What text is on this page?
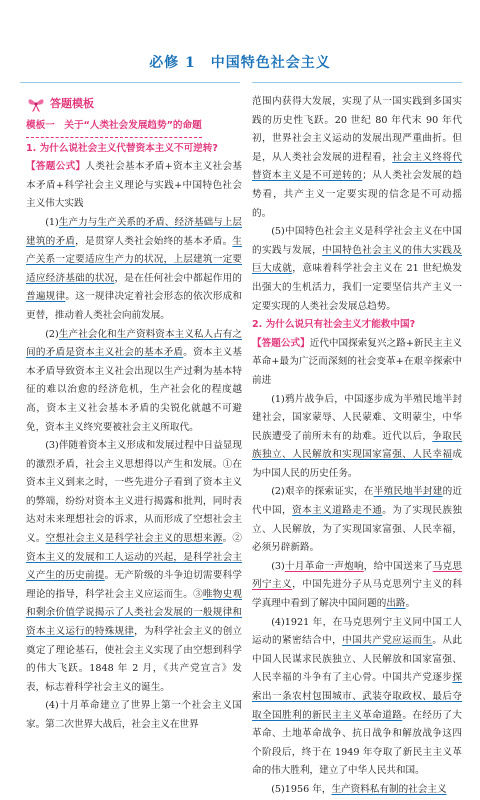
必修 1　中国特色社会主义
答题模板
模板一　关于“人类社会发展趋势”的命题
1. 为什么说社会主义代替资本主义不可逆转?

【答题公式】人类社会基本矛盾+资本主义社会基本矛盾+科学社会主义理论与实践+中国特色社会主义伟大实践

(1)生产力与生产关系的矛盾、经济基础与上层建筑的矛盾，是贯穿人类社会始终的基本矛盾。生产关系一定要适应生产力的状况，上层建筑一定要适应经济基础的状况，是在任何社会中都起作用的普遍规律。这一规律决定着社会形态的依次形成和更替，推动着人类社会向前发展。

(2)生产社会化和生产资料资本主义私人占有之间的矛盾是资本主义社会的基本矛盾。资本主义基本矛盾导致资本主义社会出现以生产过剩为基本特征的难以治愈的经济危机，生产社会化的程度越高，资本主义社会基本矛盾的尖锐化就越不可避免，资本主义终究要被社会主义所取代。

(3)伴随着资本主义形成和发展过程中日益显现的激烈矛盾，社会主义思想得以产生和发展。①在资本主义到来之时，一些先进分子看到了资本主义的弊端，纷纷对资本主义进行揭露和批判，同时表达对未来理想社会的诉求，从而形成了空想社会主义。空想社会主义是科学社会主义的思想来源。②资本主义的发展和工人运动的兴起，是科学社会主义产生的历史前提。无产阶级的斗争迫切需要科学理论的指导，科学社会主义应运而生。③唯物史观和剩余价值学说揭示了人类社会发展的一般规律和资本主义运行的特殊规律，为科学社会主义的创立奠定了理论基石，使社会主义实现了由空想到科学的伟大飞跃。1848 年 2 月，《共产党宣言》发表，标志着科学社会主义的诞生。

(4)十月革命建立了世界上第一个社会主义国家。第二次世界大战后，社会主义在世界

范围内获得大发展，实现了从一国实践到多国实践的历史性飞跃。20 世纪 80 年代末 90 年代初，世界社会主义运动的发展出现严重曲折。但是，从人类社会发展的进程看，社会主义终将代替资本主义是不可逆转的；从人类社会发展的趋势看，共产主义一定要实现的信念是不可动摇的。

(5)中国特色社会主义是科学社会主义在中国的实践与发展，中国特色社会主义的伟大实践及巨大成就，意味着科学社会主义在 21 世纪焕发出强大的生机活力，我们一定要坚信共产主义一定要实现的人类社会发展总趋势。

2. 为什么说只有社会主义才能救中国?

【答题公式】近代中国探索复兴之路+新民主主义革命+最为广泛而深刻的社会变革+在艰辛探索中前进

(1)鸦片战争后，中国逐步成为半殖民地半封建社会，国家蒙辱、人民蒙难、文明蒙尘，中华民族遭受了前所未有的劫难。近代以后，争取民族独立、人民解放和实现国家富强、人民幸福成为中国人民的历史任务。

(2)艰辛的探索证实，在半殖民地半封建的近代中国，资本主义道路走不通。为了实现民族独立、人民解放，为了实现国家富强、人民幸福，必须另辟新路。

(3)十月革命一声炮响，给中国送来了马克思列宁主义，中国先进分子从马克思列宁主义的科学真理中看到了解决中国问题的出路。

(4)1921 年，在马克思列宁主义同中国工人运动的紧密结合中，中国共产党应运而生。从此中国人民谋求民族独立、人民解放和国家富强、人民幸福的斗争有了主心骨。中国共产党逐步探索出一条农村包围城市、武装夺取政权、最后夺取全国胜利的新民主主义革命道路。在经历了大革命、土地革命战争、抗日战争和解放战争这四个阶段后，终于在 1949 年夺取了新民主主义革命的伟大胜利，建立了中华人民共和国。

(5)1956 年，生产资料私有制的社会主义
